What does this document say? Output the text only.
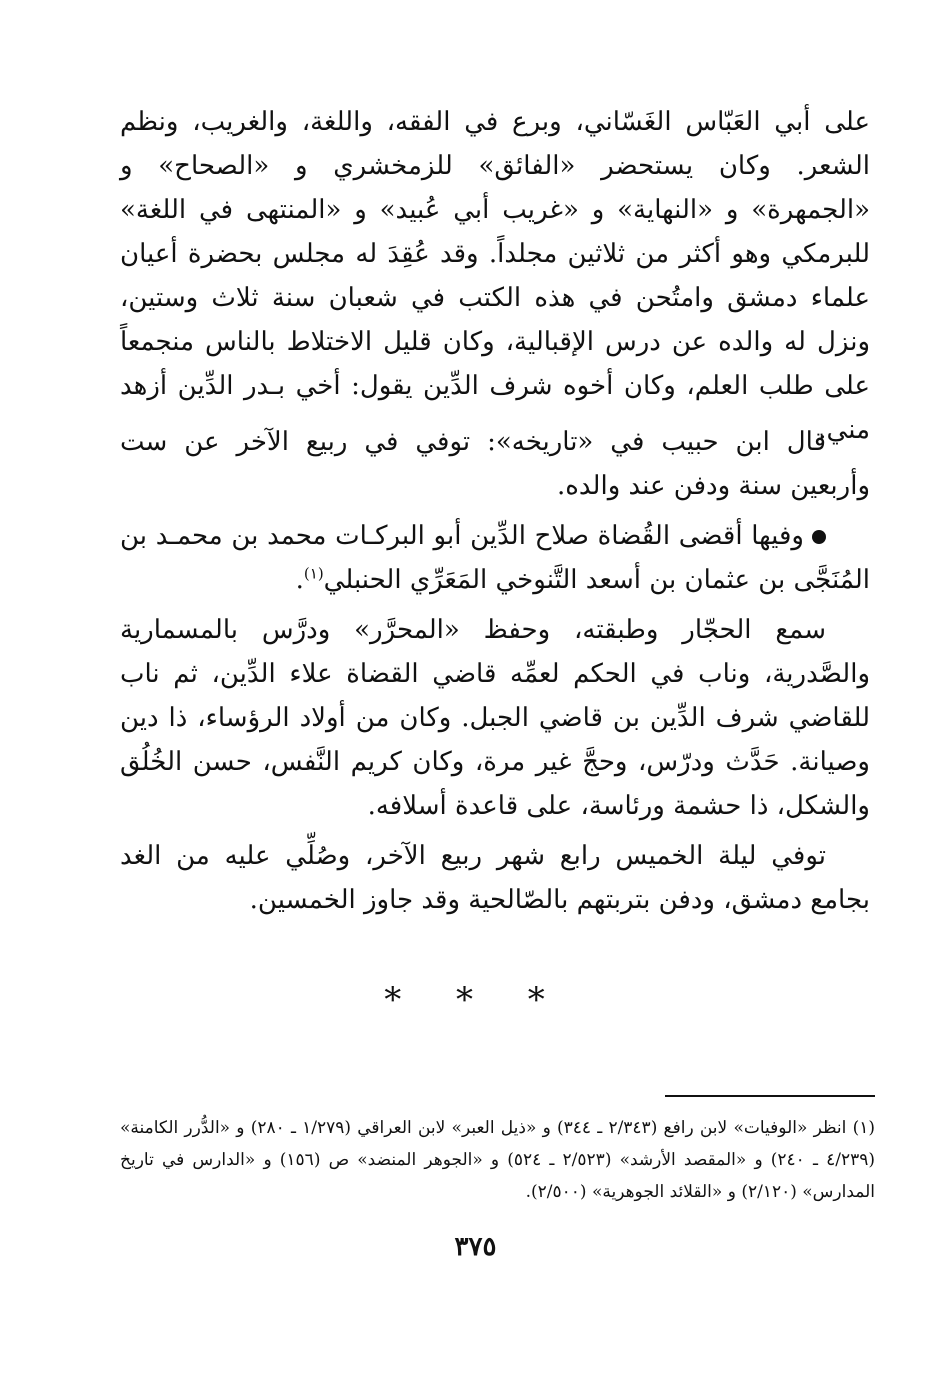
على أبي العَبّاس الغَسّاني، وبرع في الفقه، واللغة، والغريب، ونظم الشعر. وكان يستحضر «الفائق» للزمخشري و «الصحاح» و «الجمهرة» و «النهاية» و «غريب أبي عُبيد» و «المنتهى في اللغة» للبرمكي وهو أكثر من ثلاثين مجلداً. وقد عُقِدَ له مجلس بحضرة أعيان علماء دمشق وامتُحن في هذه الكتب في شعبان سنة ثلاث وستين، ونزل له والده عن درس الإقبالية، وكان قليل الاختلاط بالناس منجمعاً على طلب العلم، وكان أخوه شرف الدِّين يقول: أخي بـدر الدِّين أزهد مني.

قال ابن حبيب في «تاريخه»: توفي في ربيع الآخر عن ست وأربعين سنة ودفن عند والده.

وفيها أقضى القُضاة صلاح الدِّين أبو البركـات محمد بن محمـد بن المُنَجَّى بن عثمان بن أسعد التَّنوخي المَعَرِّي الحنبلي$^{(١)}$.

سمع الحجّار وطبقته، وحفظ «المحرَّر» ودرَّس بالمسمارية والصَّدرية، وناب في الحكم لعمِّه قاضي القضاة علاء الدِّين، ثم ناب للقاضي شرف الدِّين بن قاضي الجبل. وكان من أولاد الرؤساء، ذا دين وصيانة. حَدَّث ودرّس، وحجَّ غير مرة، وكان كريم النَّفس، حسن الخُلُق والشكل، ذا حشمة ورئاسة، على قاعدة أسلافه.

توفي ليلة الخميس رابع شهر ربيع الآخر، وصُلِّي عليه من الغد بجامع دمشق، ودفن بتربتهم بالصّالحية وقد جاوز الخمسين.

* * *

(١) انظر «الوفيات» لابن رافع (٢/٣٤٣ ـ ٣٤٤) و «ذيل العبر» لابن العراقي (١/٢٧٩ ـ ٢٨٠) و «الدُّرر الكامنة» (٤/٢٣٩ ـ ٢٤٠) و «المقصد الأرشد» (٢/٥٢٣ ـ ٥٢٤) و «الجوهر المنضد» ص (١٥٦) و «الدارس في تاريخ المدارس» (٢/١٢٠) و «القلائد الجوهرية» (٢/٥٠٠).

٣٧٥
